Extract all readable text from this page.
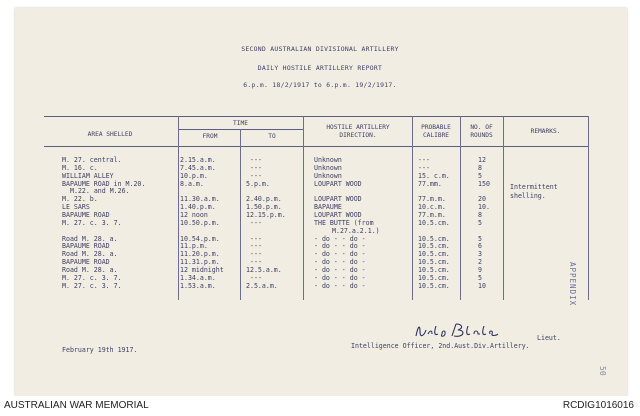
SECOND AUSTRALIAN DIVISIONAL ARTILLERY
DAILY HOSTILE ARTILLERY REPORT
6.p.m. 18/2/1917 to 6.p.m. 19/2/1917.
AREA SHELLED
TIME
FROM	TO
HOSTILE ARTILLERY
DIRECTION.
PROBABLE
CALIBRE
NO. OF
ROUNDS
REMARKS.
M. 27. central.	2.15.a.m.	---	Unknown	---	12
M. 16. c.	7.45.a.m.	---	Unknown	---	8
WILLIAM ALLEY	10.p.m.	---	Unknown	15. c.m.	5
BAPAUME ROAD in M.20.	8.a.m.	5.p.m.	LOUPART WOOD	77.mm.	150
M.22. and M.26.
M. 22. b.	11.30.a.m.	2.40.p.m.	LOUPART WOOD	77.m.m.	20
LE SARS	1.40.p.m.	1.50.p.m.	BAPAUME	10.c.m.	10.
BAPAUME ROAD	12 noon	12.15.p.m.	LOUPART WOOD	77.m.m.	8
M. 27. c. 3. 7.	10.50.p.m.	---	THE BUTTE (from	10.5.cm.	5
M.27.a.2.1.)
Road M. 28. a.	10.54.p.m.	---	- do - - do -	10.5.cm.	5
BAPAUME ROAD	11.p.m.	---	- do - - do -	10.5.cm.	6
Road M. 28. a.	11.20.p.m.	---	- do - - do -	10.5.cm.	3
BAPAUME ROAD	11.31.p.m.	---	- do - - do -	10.5.cm.	2
Road M. 28. a.	12 midnight	12.5.a.m.	- do - - do -	10.5.cm.	9
M. 27. c. 3. 7.	1.34.a.m.	---	- do - - do -	10.5.cm.	5
M. 27. c. 3. 7.	1.53.a.m.	2.5.a.m.	- do - - do -	10.5.cm.	10
Intermittent
shelling.
Lieut.
Intelligence Officer, 2nd.Aust.Div.Artillery.
February 19th 1917.
APPENDIX
50
AUSTRALIAN WAR MEMORIAL	RCDIG1016016
